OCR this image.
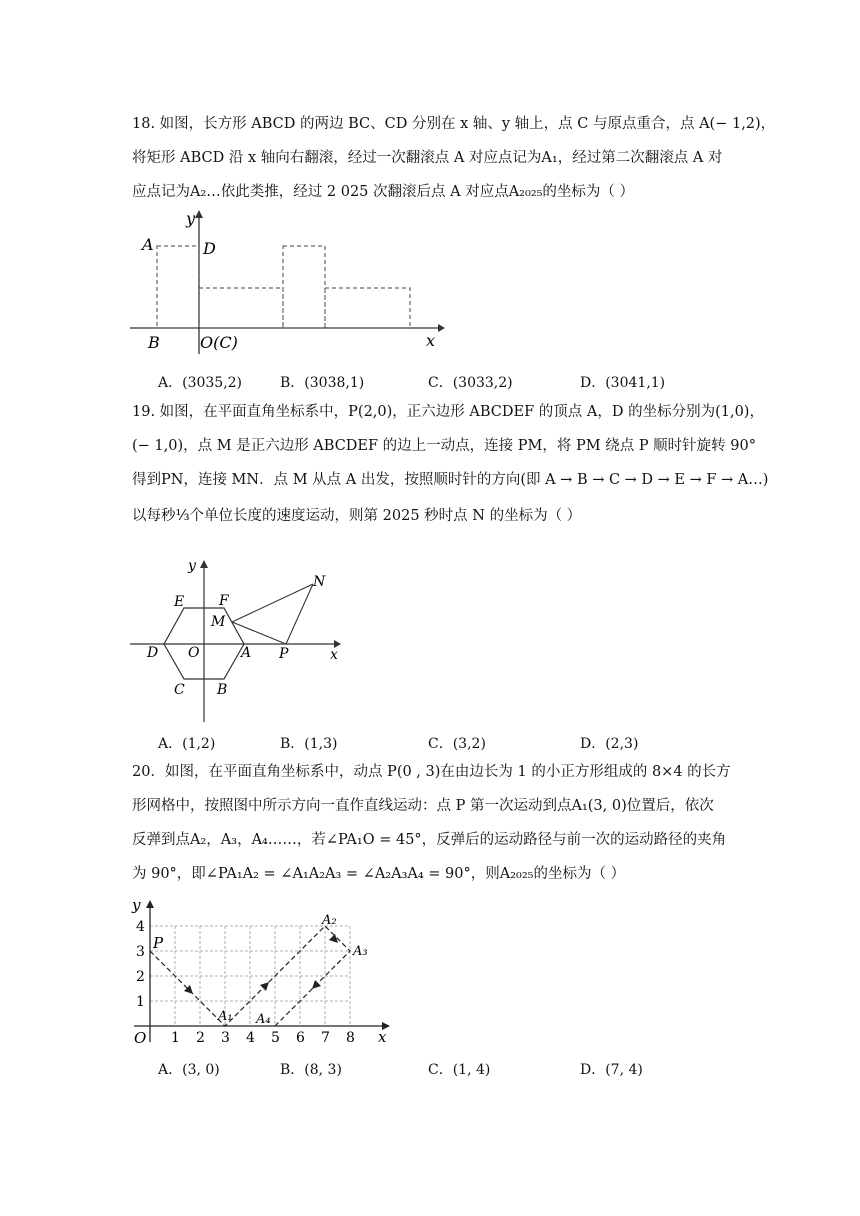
18. 如图，长方形 ABCD 的两边 BC、CD 分别在 x 轴、y 轴上，点 C 与原点重合，点 A(− 1,2)，
将矩形 ABCD 沿 x 轴向右翻滚，经过一次翻滚点 A 对应点记为A₁，经过第二次翻滚点 A 对
应点记为A₂…依此类推，经过 2 025 次翻滚后点 A 对应点A₂₀₂₅的坐标为（ ）
y
A	D
B	O(C)	x
A．(3035,2)	B．(3038,1)	C．(3033,2)	D．(3041,1)
19. 如图，在平面直角坐标系中，P(2,0)，正六边形 ABCDEF 的顶点 A，D 的坐标分别为(1,0)，
(− 1,0)，点 M 是正六边形 ABCDEF 的边上一动点，连接 PM，将 PM 绕点 P 顺时针旋转 90°
得到PN，连接 MN．点 M 从点 A 出发，按照顺时针的方向(即 A → B → C → D → E → F → A…)
以每秒⅓个单位长度的速度运动，则第 2025 秒时点 N 的坐标为（ ）
y
E F
M
N
D O	A P	x
C B
A．(1,2)	B．(1,3)	C．(3,2)	D．(2,3)
20．如图，在平面直角坐标系中，动点 P(0 , 3)在由边长为 1 的小正方形组成的 8×4 的长方
形网格中，按照图中所示方向一直作直线运动：点 P 第一次运动到点A₁(3, 0)位置后，依次
反弹到点A₂，A₃，A₄……，若∠PA₁O = 45°，反弹后的运动路径与前一次的运动路径的夹角
为 90°，即∠PA₁A₂ = ∠A₁A₂A₃ = ∠A₂A₃A₄ = 90°，则A₂₀₂₅的坐标为（ ）
1 2 3 4 5 6 7 8
1
2
3
4
y
x
O
P
A₁
A₂
A₃
A₄
A．(3, 0)	B．(8, 3)	C．(1, 4)	D．(7, 4)
